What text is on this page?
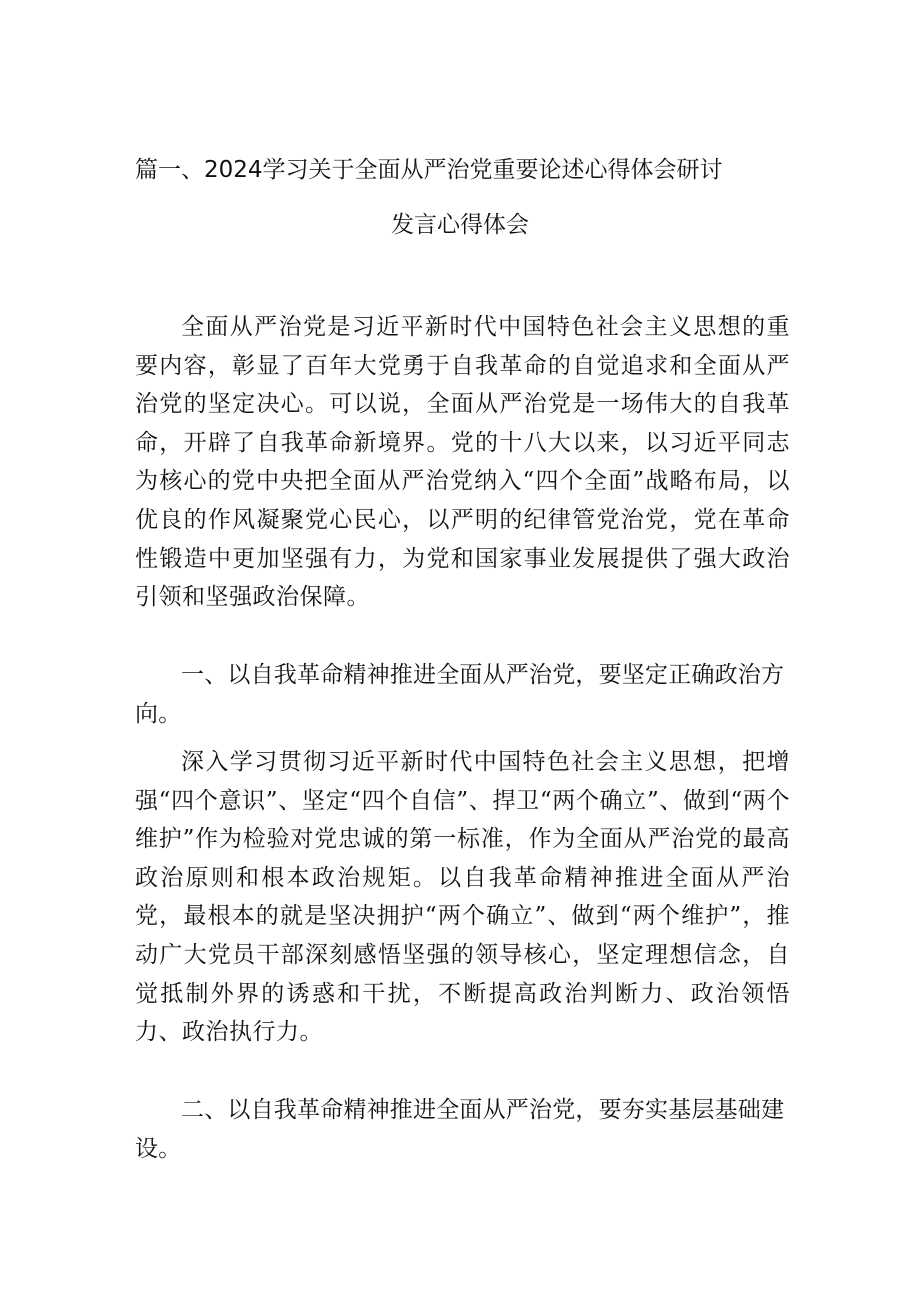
篇一、2024学习关于全面从严治党重要论述心得体会研讨
发言心得体会

全面从严治党是习近平新时代中国特色社会主义思想的重要内容，彰显了百年大党勇于自我革命的自觉追求和全面从严治党的坚定决心。可以说，全面从严治党是一场伟大的自我革命，开辟了自我革命新境界。党的十八大以来，以习近平同志为核心的党中央把全面从严治党纳入“四个全面”战略布局，以优良的作风凝聚党心民心，以严明的纪律管党治党，党在革命性锻造中更加坚强有力，为党和国家事业发展提供了强大政治引领和坚强政治保障。

一、以自我革命精神推进全面从严治党，要坚定正确政治方向。

深入学习贯彻习近平新时代中国特色社会主义思想，把增强“四个意识”、坚定“四个自信”、捍卫“两个确立”、做到“两个维护”作为检验对党忠诚的第一标准，作为全面从严治党的最高政治原则和根本政治规矩。以自我革命精神推进全面从严治党，最根本的就是坚决拥护“两个确立”、做到“两个维护”，推动广大党员干部深刻感悟坚强的领导核心，坚定理想信念，自觉抵制外界的诱惑和干扰，不断提高政治判断力、政治领悟力、政治执行力。

二、以自我革命精神推进全面从严治党，要夯实基层基础建设。
